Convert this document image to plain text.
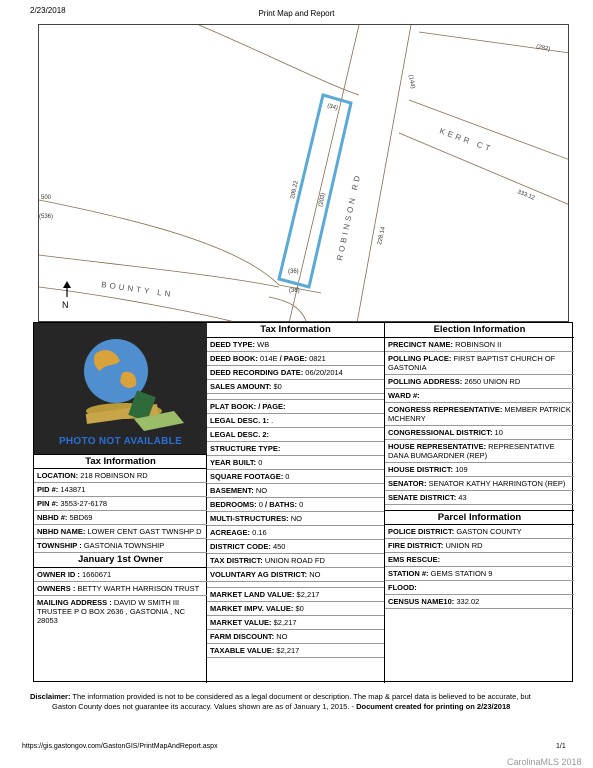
2/23/2018	Print Map and Report
(282)
(144)
(34)
KERR CT
ROBINSON RD	333.12
209.22
(203)
228.14
500
(536)
(36)
(36)
BOUNTY LN
N
PHOTO NOT AVAILABLE
Tax Information
LOCATION: 218 ROBINSON RD
PID #: 143871
PIN #: 3553-27-6178
NBHD #: 5BD69
NBHD NAME: LOWER CENT GAST TWNSHP D
TOWNSHIP : GASTONIA TOWNSHIP
January 1st Owner
OWNER ID : 1660671
OWNERS : BETTY WARTH HARRISON TRUST
MAILING ADDRESS : DAVID W SMITH III TRUSTEE P O BOX 2636 , GASTONIA , NC 28053
Tax Information
DEED TYPE: WB
DEED BOOK: 014E / PAGE: 0821
DEED RECORDING DATE: 06/20/2014
SALES AMOUNT: $0
PLAT BOOK: / PAGE:
LEGAL DESC. 1: .
LEGAL DESC. 2:
STRUCTURE TYPE:
YEAR BUILT: 0
SQUARE FOOTAGE: 0
BASEMENT: NO
BEDROOMS: 0 / BATHS: 0
MULTI-STRUCTURES: NO
ACREAGE: 0.16
DISTRICT CODE: 450
TAX DISTRICT: UNION ROAD FD
VOLUNTARY AG DISTRICT: NO
MARKET LAND VALUE: $2,217
MARKET IMPV. VALUE: $0
MARKET VALUE: $2,217
FARM DISCOUNT: NO
TAXABLE VALUE: $2,217
Election Information
PRECINCT NAME: ROBINSON II
POLLING PLACE: FIRST BAPTIST CHURCH OF GASTONIA
POLLING ADDRESS: 2650 UNION RD
WARD #:
CONGRESS REPRESENTATIVE: MEMBER PATRICK MCHENRY
CONGRESSIONAL DISTRICT: 10
HOUSE REPRESENTATIVE: REPRESENTATIVE DANA BUMGARDNER (REP)
HOUSE DISTRICT: 109
SENATOR: SENATOR KATHY HARRINGTON (REP)
SENATE DISTRICT: 43
Parcel Information
POLICE DISTRICT: GASTON COUNTY
FIRE DISTRICT: UNION RD
EMS RESCUE:
STATION #: GEMS STATION 9
FLOOD:
CENSUS NAME10: 332.02
Disclaimer: The information provided is not to be considered as a legal document or description. The map & parcel data is believed to be accurate, but
Gaston County does not guarantee its accuracy. Values shown are as of January 1, 2015. - Document created for printing on 2/23/2018
https://gis.gastongov.com/GastonGIS/PrintMapAndReport.aspx	1/1
CarolinaMLS 2018
